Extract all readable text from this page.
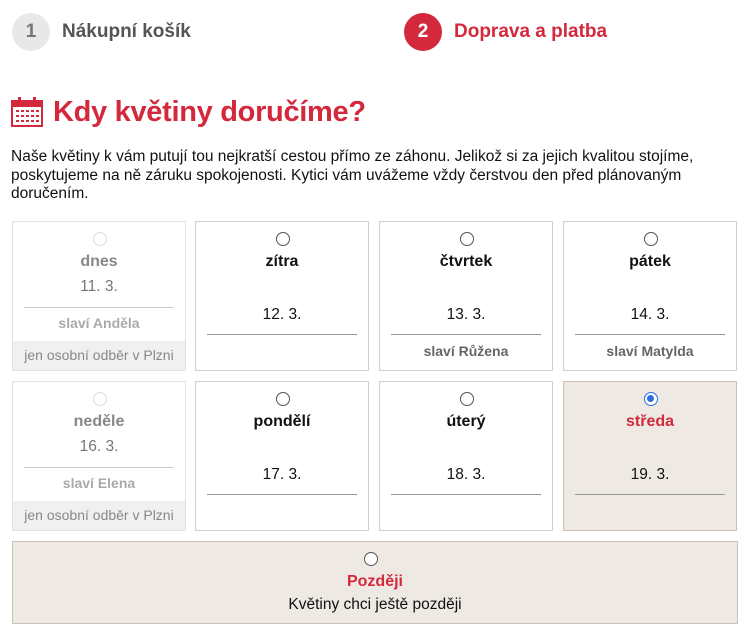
1	Nákupní košík	2	Doprava a platba
Kdy květiny doručíme?

Naše květiny k vám putují tou nejkratší cestou přímo ze záhonu. Jelikož si za jejich kvalitou stojíme, poskytujeme na ně záruku spokojenosti. Kytici vám uvážeme vždy čerstvou den před plánovaným doručením.

dnes
11. 3.
slaví Anděla
jen osobní odběr v Plzni
zítra
12. 3.
čtvrtek
13. 3.
slaví Růžena
pátek
14. 3.
slaví Matylda
neděle
16. 3.
slaví Elena
jen osobní odběr v Plzni
pondělí
17. 3.
úterý
18. 3.
středa
19. 3.
Později
Květiny chci ještě později
